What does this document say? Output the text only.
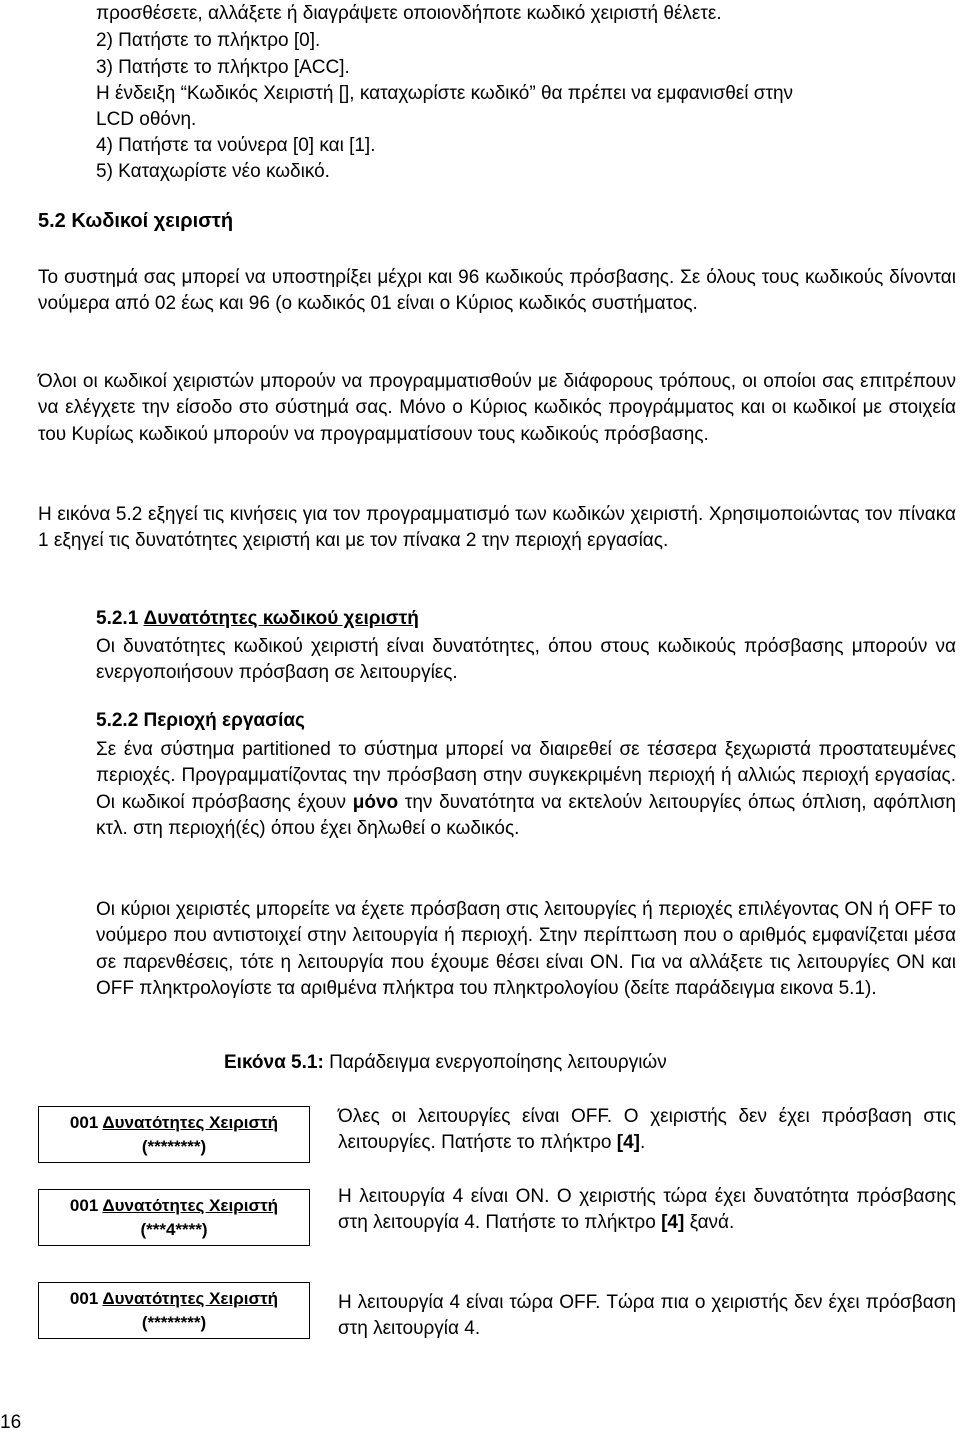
προσθέσετε, αλλάξετε ή διαγράψετε οποιονδήποτε κωδικό χειριστή θέλετε.
2) Πατήστε το πλήκτρο [0].
3) Πατήστε το πλήκτρο [ACC].
Η ένδειξη “Κωδικός Χειριστή [], καταχωρίστε κωδικό” θα πρέπει να εμφανισθεί στην
LCD οθόνη.
4) Πατήστε τα νούνερα [0] και [1].
5) Καταχωρίστε νέο κωδικό.
5.2 Κωδικοί χειριστή
Το συστημά σας μπορεί να υποστηρίξει μέχρι και 96 κωδικούς πρόσβασης. Σε όλους τους κωδικούς δίνονται νούμερα από 02 έως και 96 (ο κωδικός 01 είναι ο Κύριος κωδικός συστήματος.
Όλοι οι κωδικοί χειριστών μπορούν να προγραμματισθούν με διάφορους τρόπους, οι οποίοι σας επιτρέπουν να ελέγχετε την είσοδο στο σύστημά σας. Μόνο ο Κύριος κωδικός προγράμματος και οι κωδικοί με στοιχεία του Κυρίως κωδικού μπορούν να προγραμματίσουν τους κωδικούς πρόσβασης.
Η εικόνα 5.2 εξηγεί τις κινήσεις για τον προγραμματισμό των κωδικών χειριστή. Χρησιμοποιώντας τον πίνακα 1 εξηγεί τις δυνατότητες χειριστή και με τον πίνακα 2 την περιοχή εργασίας.
5.2.1 Δυνατότητες κωδικού χειριστή
Οι δυνατότητες κωδικού χειριστή είναι δυνατότητες, όπου στους κωδικούς πρόσβασης μπορούν να ενεργοποιήσουν πρόσβαση σε λειτουργίες.
5.2.2 Περιοχή εργασίας
Σε ένα σύστημα partitioned το σύστημα μπορεί να διαιρεθεί σε τέσσερα ξεχωριστά προστατευμένες περιοχές. Προγραμματίζοντας την πρόσβαση στην συγκεκριμένη περιοχή ή αλλιώς περιοχή εργασίας. Οι κωδικοί πρόσβασης έχουν μόνο την δυνατότητα να εκτελούν λειτουργίες όπως όπλιση, αφόπλιση κτλ. στη περιοχή(ές) όπου έχει δηλωθεί ο κωδικός.
Οι κύριοι χειριστές μπορείτε να έχετε πρόσβαση στις λειτουργίες ή περιοχές επιλέγοντας ON ή OFF το νούμερο που αντιστοιχεί στην λειτουργία ή περιοχή. Στην περίπτωση που ο αριθμός εμφανίζεται μέσα σε παρενθέσεις, τότε η λειτουργία που έχουμε θέσει είναι ON. Για να αλλάξετε τις λειτουργίες ON και OFF πληκτρολογίστε τα αριθμένα πλήκτρα του πληκτρολογίου (δείτε παράδειγμα εικονα 5.1).
Εικόνα 5.1: Παράδειγμα ενεργοποίησης λειτουργιών
001 Δυνατότητες Χειριστή
(********)
Όλες οι λειτουργίες είναι OFF. Ο χειριστής δεν έχει πρόσβαση στις λειτουργίες. Πατήστε το πλήκτρο [4].
001 Δυνατότητες Χειριστή
(***4****)
Η λειτουργία 4 είναι ON. Ο χειριστής τώρα έχει δυνατότητα πρόσβασης στη λειτουργία 4. Πατήστε το πλήκτρο [4] ξανά.
001 Δυνατότητες Χειριστή
(********)
Η λειτουργία 4 είναι τώρα OFF. Τώρα πια ο χειριστής δεν έχει πρόσβαση στη λειτουργία 4.
16
